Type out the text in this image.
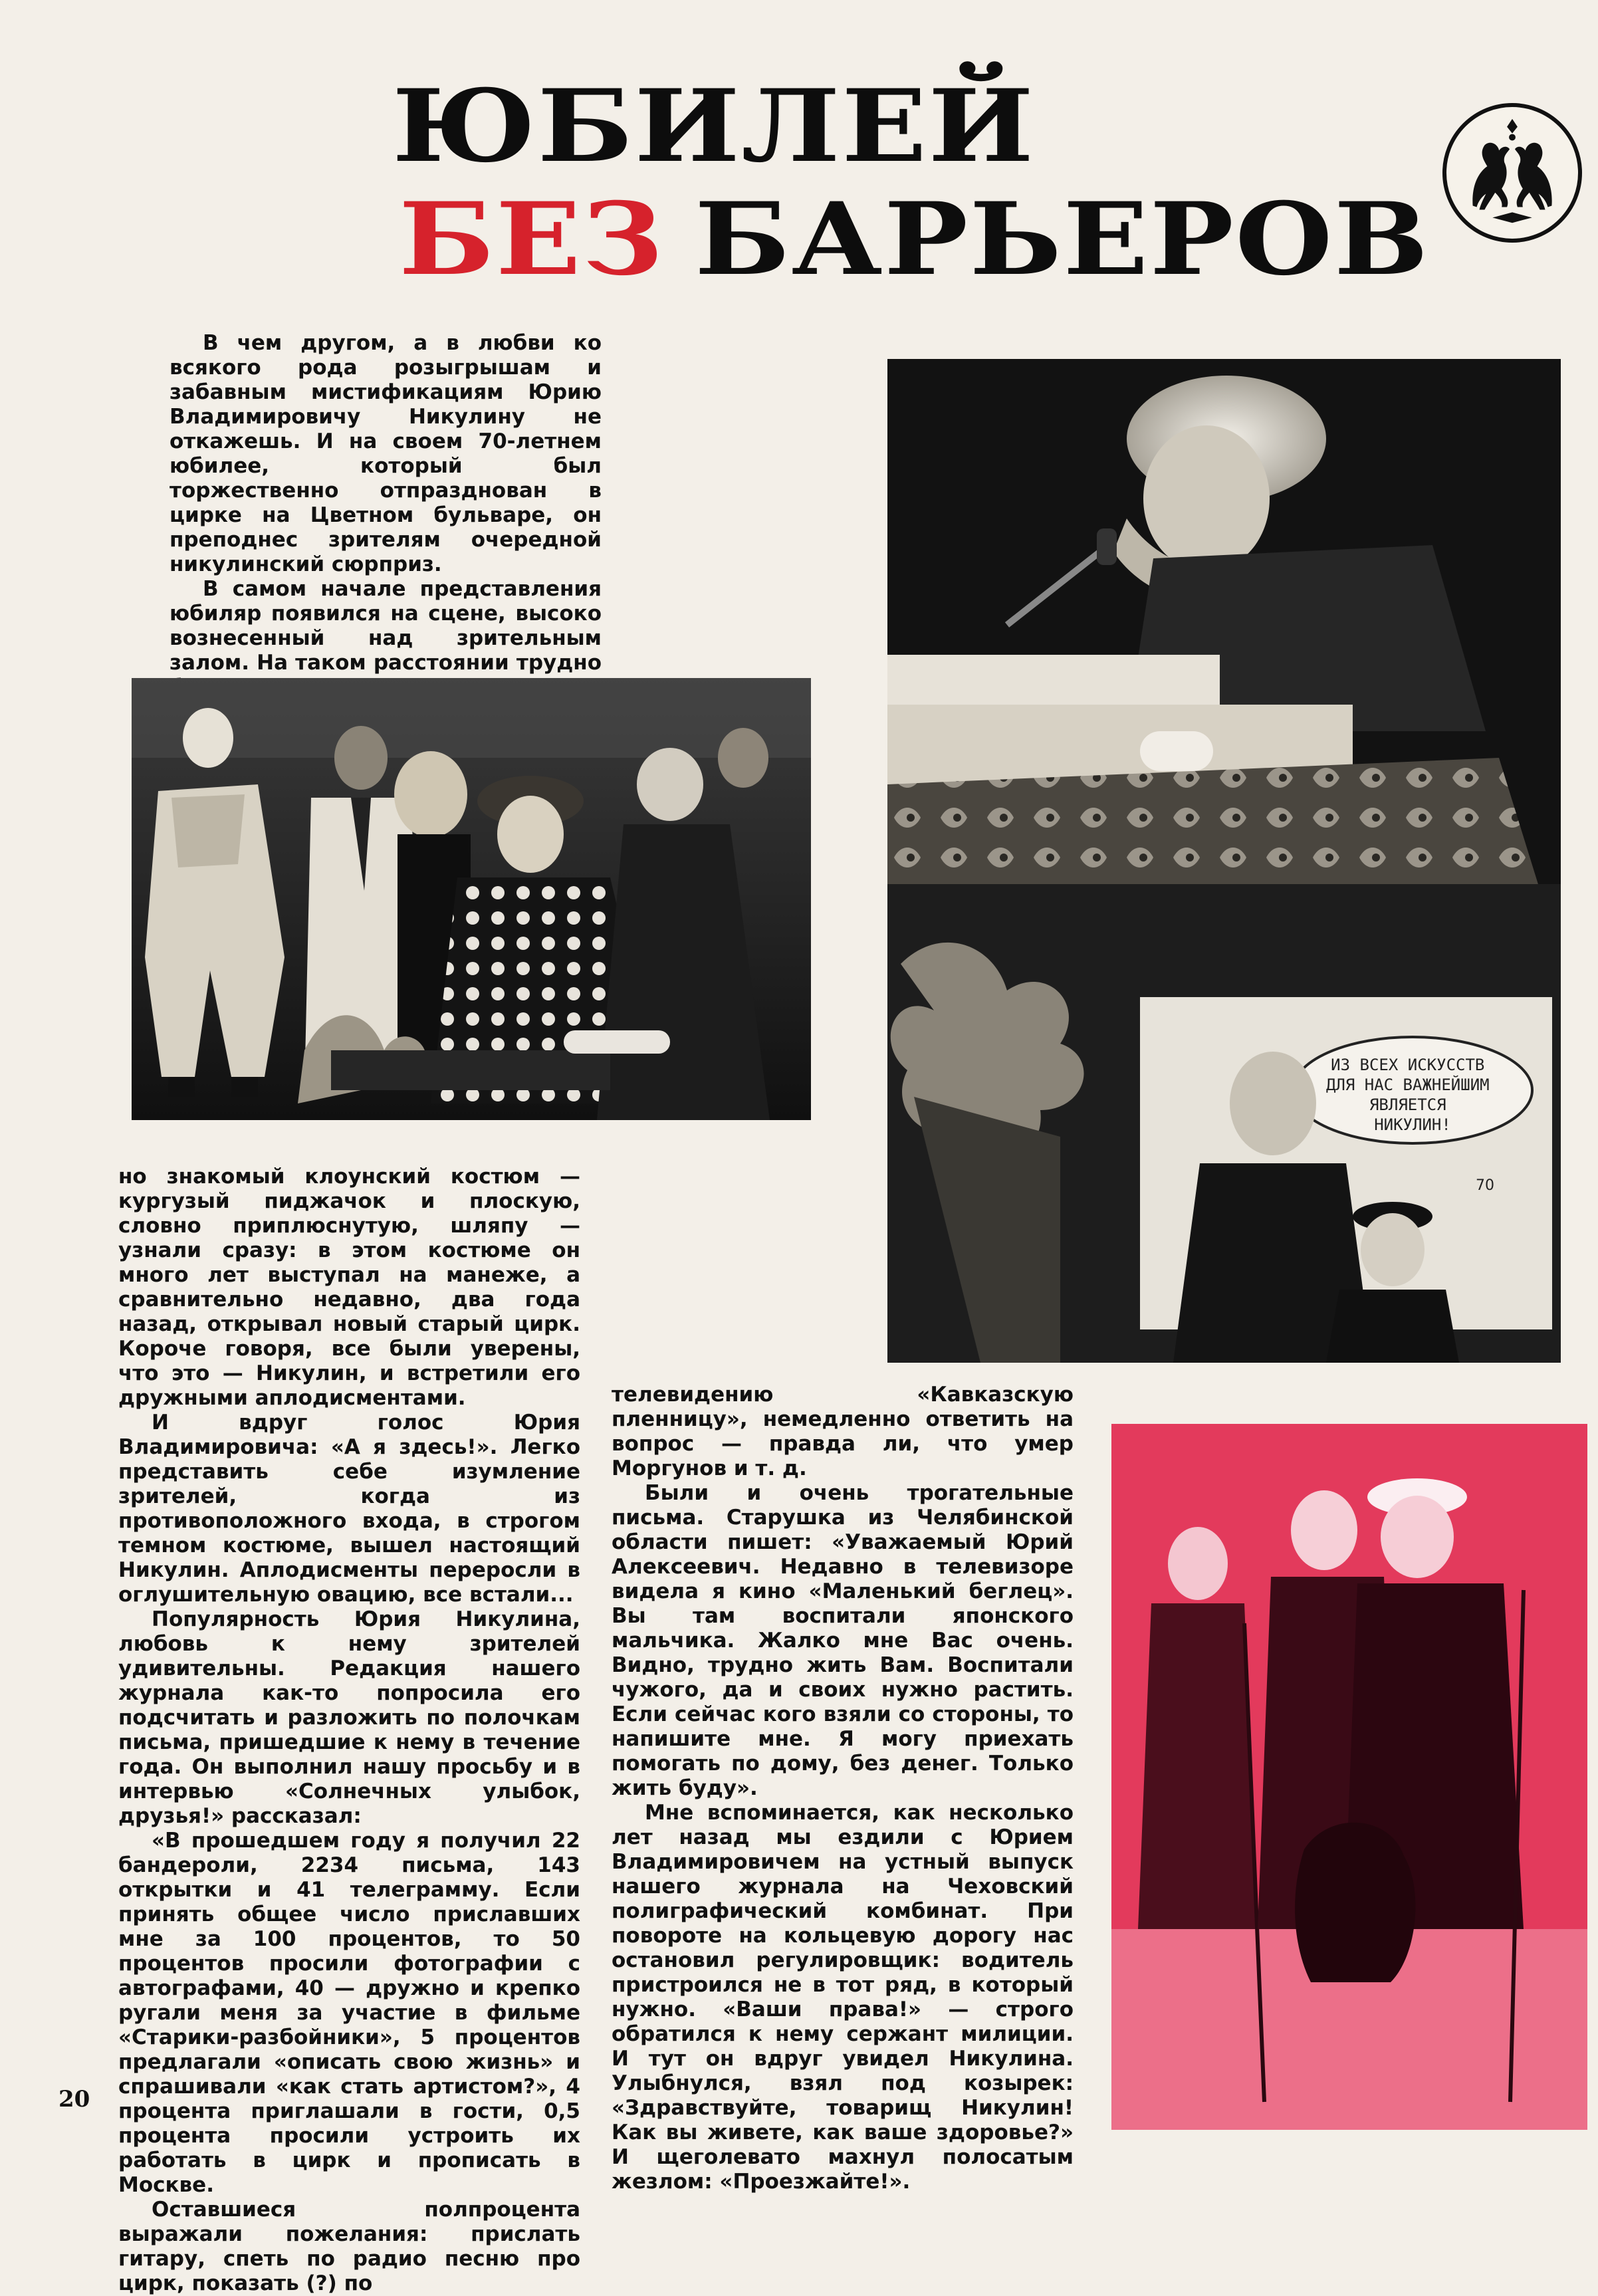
ЮБИЛЕЙ
БЕЗ БАРЬЕРОВ

В чем другом, а в любви ко всякого рода розыгрышам и забавным мистификациям Юрию Владимировичу Никулину не откажешь. И на своем 70-летнем юбилее, который был торжественно отпразднован в цирке на Цветном бульваре, он преподнес зрителям очередной никулинский сюрприз.

В самом начале представления юбиляр появился на сцене, высоко вознесенный над зрительным залом. На таком расстоянии трудно

ИЗ ВСЕХ ИСКУССТВ ДЛЯ НАС ВАЖНЕЙШИМ ЯВЛЯЕТСЯ НИКУЛИН!
70

но знакомый клоунский костюм — кургузый пиджачок и плоскую, словно приплюснутую, шляпу — узнали сразу: в этом костюме он много лет выступал на манеже, а сравнительно недавно, два года назад, открывал новый старый цирк. Короче говоря, все были уверены, что это — Никулин, и встретили его дружными аплодисментами.

И вдруг голос Юрия Владимировича: «А я здесь!». Легко представить себе изумление зрителей, когда из противоположного входа, в строгом темном костюме, вышел настоящий Никулин. Аплодисменты переросли в оглушительную овацию, все встали...

Популярность Юрия Никулина, любовь к нему зрителей удивительны. Редакция нашего журнала как-то попросила его подсчитать и разложить по полочкам письма, пришедшие к нему в течение года. Он выполнил нашу просьбу и в интервью «Солнечных улыбок, друзья!» рассказал:

«В прошедшем году я получил 22 бандероли, 2234 письма, 143 открытки и 41 телеграмму. Если принять общее число приславших мне за 100 процентов, то 50 процентов просили фотографии с автографами, 40 — дружно и крепко ругали меня за участие в фильме «Старики-разбойники», 5 процентов предлагали «описать свою жизнь» и спрашивали «как стать артистом?», 4 процента приглашали в гости, 0,5 процента просили устроить их работать в цирк и прописать в Москве.

Оставшиеся полпроцента выражали пожелания: прислать гитару, спеть по радио песню про цирк, показать (?) по

телевидению «Кавказскую пленницу», немедленно ответить на вопрос — правда ли, что умер Моргунов и т. д.

Были и очень трогательные письма. Старушка из Челябинской области пишет: «Уважаемый Юрий Алексеевич. Недавно в телевизоре видела я кино «Маленький беглец». Вы там воспитали японского мальчика. Жалко мне Вас очень. Видно, трудно жить Вам. Воспитали чужого, да и своих нужно растить. Если сейчас кого взяли со стороны, то напишите мне. Я могу приехать помогать по дому, без денег. Только жить буду».

Мне вспоминается, как несколько лет назад мы ездили с Юрием Владимировичем на устный выпуск нашего журнала на Чеховский полиграфический комбинат. При повороте на кольцевую дорогу нас остановил регулировщик: водитель пристроился не в тот ряд, в который нужно. «Ваши права!» — строго обратился к нему сержант милиции. И тут он вдруг увидел Никулина. Улыбнулся, взял под козырек: «Здравствуйте, товарищ Никулин! Как вы живете, как ваше здоровье?» И щеголевато махнул полосатым жезлом: «Проезжайте!».

20
